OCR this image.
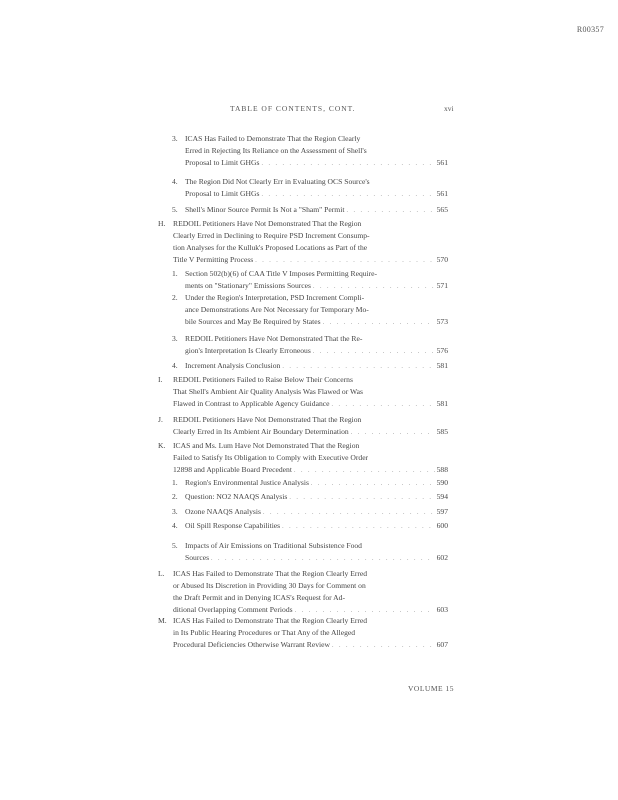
R00357
TABLE OF CONTENTS, CONT.	xvi
3. ICAS Has Failed to Demonstrate That the Region Clearly
Erred in Rejecting Its Reliance on the Assessment of Shell's
Proposal to Limit GHGs . . .	561
4. The Region Did Not Clearly Err in Evaluating OCS Source's
Proposal to Limit GHGs . . .	561
5. Shell's Minor Source Permit Is Not a "Sham" Permit . . .	565
H. REDOIL Petitioners Have Not Demonstrated That the Region
Clearly Erred in Declining to Require PSD Increment Consump-
tion Analyses for the Kulluk's Proposed Locations as Part of the
Title V Permitting Process . . .	570
1. Section 502(b)(6) of CAA Title V Imposes Permitting Require-
ments on "Stationary" Emissions Sources . . .	571
2. Under the Region's Interpretation, PSD Increment Compli-
ance Demonstrations Are Not Necessary for Temporary Mo-
bile Sources and May Be Required by States . . .	573
3. REDOIL Petitioners Have Not Demonstrated That the Re-
gion's Interpretation Is Clearly Erroneous . . .	576
4. Increment Analysis Conclusion . . .	581
I. REDOIL Petitioners Failed to Raise Below Their Concerns
That Shell's Ambient Air Quality Analysis Was Flawed or Was
Flawed in Contrast to Applicable Agency Guidance . . .	581
J. REDOIL Petitioners Have Not Demonstrated That the Region
Clearly Erred in Its Ambient Air Boundary Determination . . .	585
K. ICAS and Ms. Lum Have Not Demonstrated That the Region
Failed to Satisfy Its Obligation to Comply with Executive Order
12898 and Applicable Board Precedent . . .	588
1. Region's Environmental Justice Analysis . . .	590
2. Question: NO2 NAAQS Analysis . . .	594
3. Ozone NAAQS Analysis . . .	597
4. Oil Spill Response Capabilities . . .	600
5. Impacts of Air Emissions on Traditional Subsistence Food
Sources . . .	602
L. ICAS Has Failed to Demonstrate That the Region Clearly Erred
or Abused Its Discretion in Providing 30 Days for Comment on
the Draft Permit and in Denying ICAS's Request for Ad-
ditional Overlapping Comment Periods . . .	603
M. ICAS Has Failed to Demonstrate That the Region Clearly Erred
in Its Public Hearing Procedures or That Any of the Alleged
Procedural Deficiencies Otherwise Warrant Review . . .	607
VOLUME 15
